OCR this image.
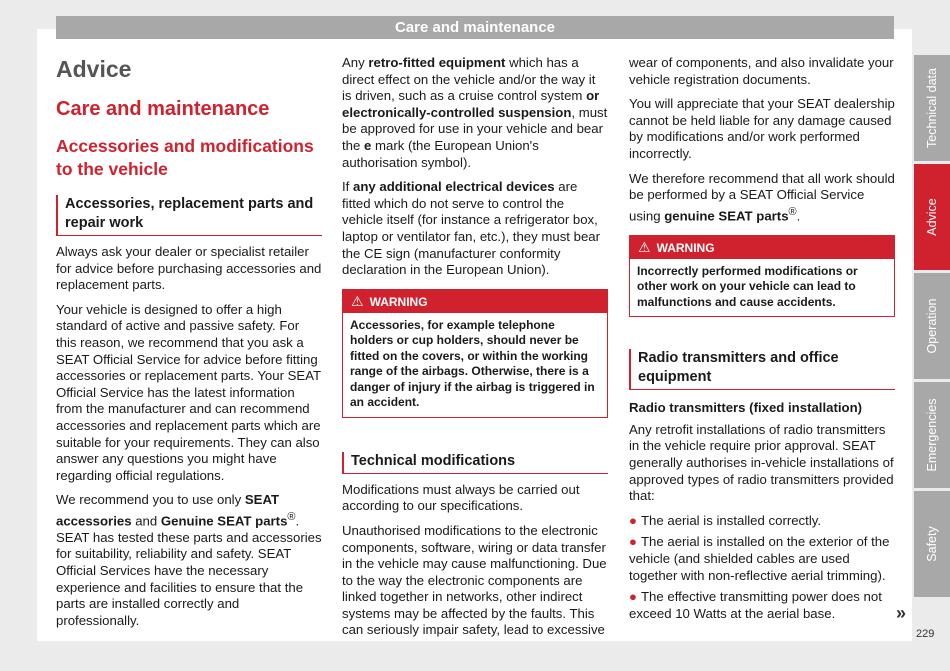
Care and maintenance
Advice
Care and maintenance
Accessories and modifications to the vehicle
Accessories, replacement parts and repair work

Always ask your dealer or specialist retailer for advice before purchasing accessories and replacement parts.

Your vehicle is designed to offer a high standard of active and passive safety. For this reason, we recommend that you ask a SEAT Official Service for advice before fitting accessories or replacement parts. Your SEAT Official Service has the latest information from the manufacturer and can recommend accessories and replacement parts which are suitable for your requirements. They can also answer any questions you might have regarding official regulations.

We recommend you to use only SEAT accessories and Genuine SEAT parts®. SEAT has tested these parts and accessories for suitability, reliability and safety. SEAT Official Services have the necessary experience and facilities to ensure that the parts are installed correctly and professionally.

Any retro-fitted equipment which has a direct effect on the vehicle and/or the way it is driven, such as a cruise control system or electronically-controlled suspension, must be approved for use in your vehicle and bear the e mark (the European Union's authorisation symbol).

If any additional electrical devices are fitted which do not serve to control the vehicle itself (for instance a refrigerator box, laptop or ventilator fan, etc.), they must bear the CE sign (manufacturer conformity declaration in the European Union).

⚠ WARNING
Accessories, for example telephone holders or cup holders, should never be fitted on the covers, or within the working range of the airbags. Otherwise, there is a danger of injury if the airbag is triggered in an accident.
Technical modifications

Modifications must always be carried out according to our specifications.

Unauthorised modifications to the electronic components, software, wiring or data transfer in the vehicle may cause malfunctioning. Due to the way the electronic components are linked together in networks, other indirect systems may be affected by the faults. This can seriously impair safety, lead to excessive

wear of components, and also invalidate your vehicle registration documents.

You will appreciate that your SEAT dealership cannot be held liable for any damage caused by modifications and/or work performed incorrectly.

We therefore recommend that all work should be performed by a SEAT Official Service using genuine SEAT parts®.

⚠ WARNING
Incorrectly performed modifications or other work on your vehicle can lead to malfunctions and cause accidents.
Radio transmitters and office equipment
Radio transmitters (fixed installation)

Any retrofit installations of radio transmitters in the vehicle require prior approval. SEAT generally authorises in-vehicle installations of approved types of radio transmitters provided that:

● The aerial is installed correctly.
● The aerial is installed on the exterior of the vehicle (and shielded cables are used together with non-reflective aerial trimming).
● The effective transmitting power does not exceed 10 Watts at the aerial base.
Technical data
Advice
Operation
Emergencies
Safety
»
229
